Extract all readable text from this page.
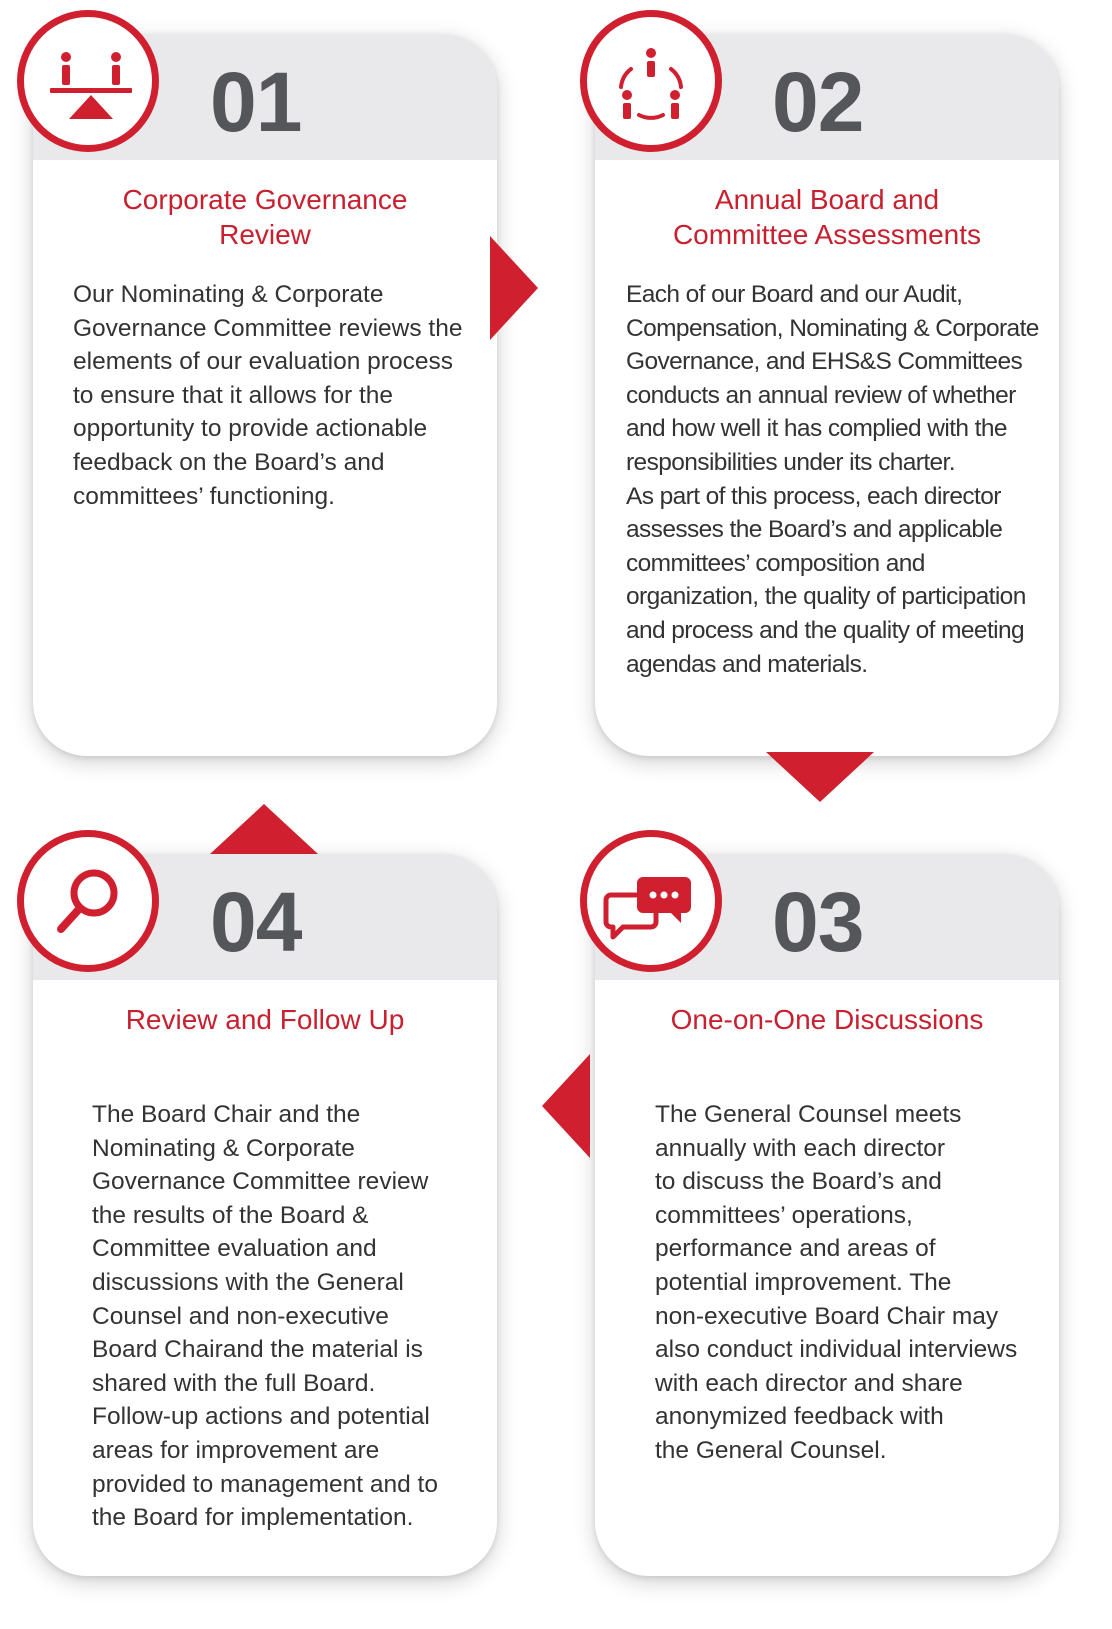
01
Corporate Governance
Review
Our Nominating & Corporate
Governance Committee reviews the
elements of our evaluation process
to ensure that it allows for the
opportunity to provide actionable
feedback on the Board’s and
committees’ functioning.
02
Annual Board and
Committee Assessments
Each of our Board and our Audit,
Compensation, Nominating & Corporate
Governance, and EHS&S Committees
conducts an annual review of whether
and how well it has complied with the
responsibilities under its charter.
As part of this process, each director
assesses the Board’s and applicable
committees’ composition and
organization, the quality of participation
and process and the quality of meeting
agendas and materials.
04
Review and Follow Up
The Board Chair and the
Nominating & Corporate
Governance Committee review
the results of the Board &
Committee evaluation and
discussions with the General
Counsel and non-executive
Board Chairand the material is
shared with the full Board.
Follow-up actions and potential
areas for improvement are
provided to management and to
the Board for implementation.
03
One-on-One Discussions
The General Counsel meets
annually with each director
to discuss the Board’s and
committees’ operations,
performance and areas of
potential improvement. The
non-executive Board Chair may
also conduct individual interviews
with each director and share
anonymized feedback with
the General Counsel.
